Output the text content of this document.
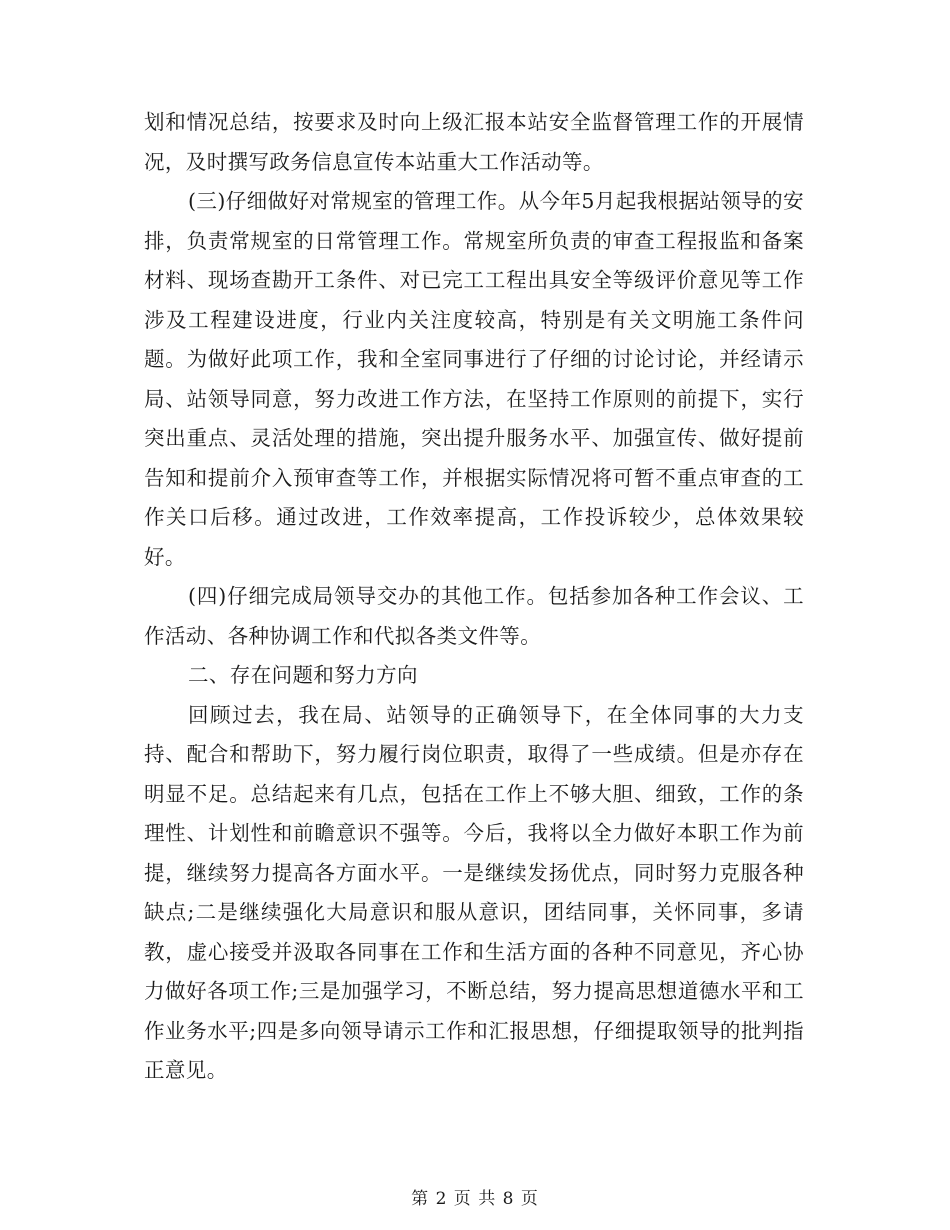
划和情况总结，按要求及时向上级汇报本站安全监督管理工作的开展情况，及时撰写政务信息宣传本站重大工作活动等。

(三)仔细做好对常规室的管理工作。从今年5月起我根据站领导的安排，负责常规室的日常管理工作。常规室所负责的审查工程报监和备案材料、现场查勘开工条件、对已完工工程出具安全等级评价意见等工作涉及工程建设进度，行业内关注度较高，特别是有关文明施工条件问题。为做好此项工作，我和全室同事进行了仔细的讨论讨论，并经请示局、站领导同意，努力改进工作方法，在坚持工作原则的前提下，实行突出重点、灵活处理的措施，突出提升服务水平、加强宣传、做好提前告知和提前介入预审查等工作，并根据实际情况将可暂不重点审查的工作关口后移。通过改进，工作效率提高，工作投诉较少，总体效果较好。

(四)仔细完成局领导交办的其他工作。包括参加各种工作会议、工作活动、各种协调工作和代拟各类文件等。

二、存在问题和努力方向

回顾过去，我在局、站领导的正确领导下，在全体同事的大力支持、配合和帮助下，努力履行岗位职责，取得了一些成绩。但是亦存在明显不足。总结起来有几点，包括在工作上不够大胆、细致，工作的条理性、计划性和前瞻意识不强等。今后，我将以全力做好本职工作为前提，继续努力提高各方面水平。一是继续发扬优点，同时努力克服各种缺点;二是继续强化大局意识和服从意识，团结同事，关怀同事，多请教，虚心接受并汲取各同事在工作和生活方面的各种不同意见，齐心协力做好各项工作;三是加强学习，不断总结，努力提高思想道德水平和工作业务水平;四是多向领导请示工作和汇报思想，仔细提取领导的批判指正意见。

第 2 页 共 8 页
